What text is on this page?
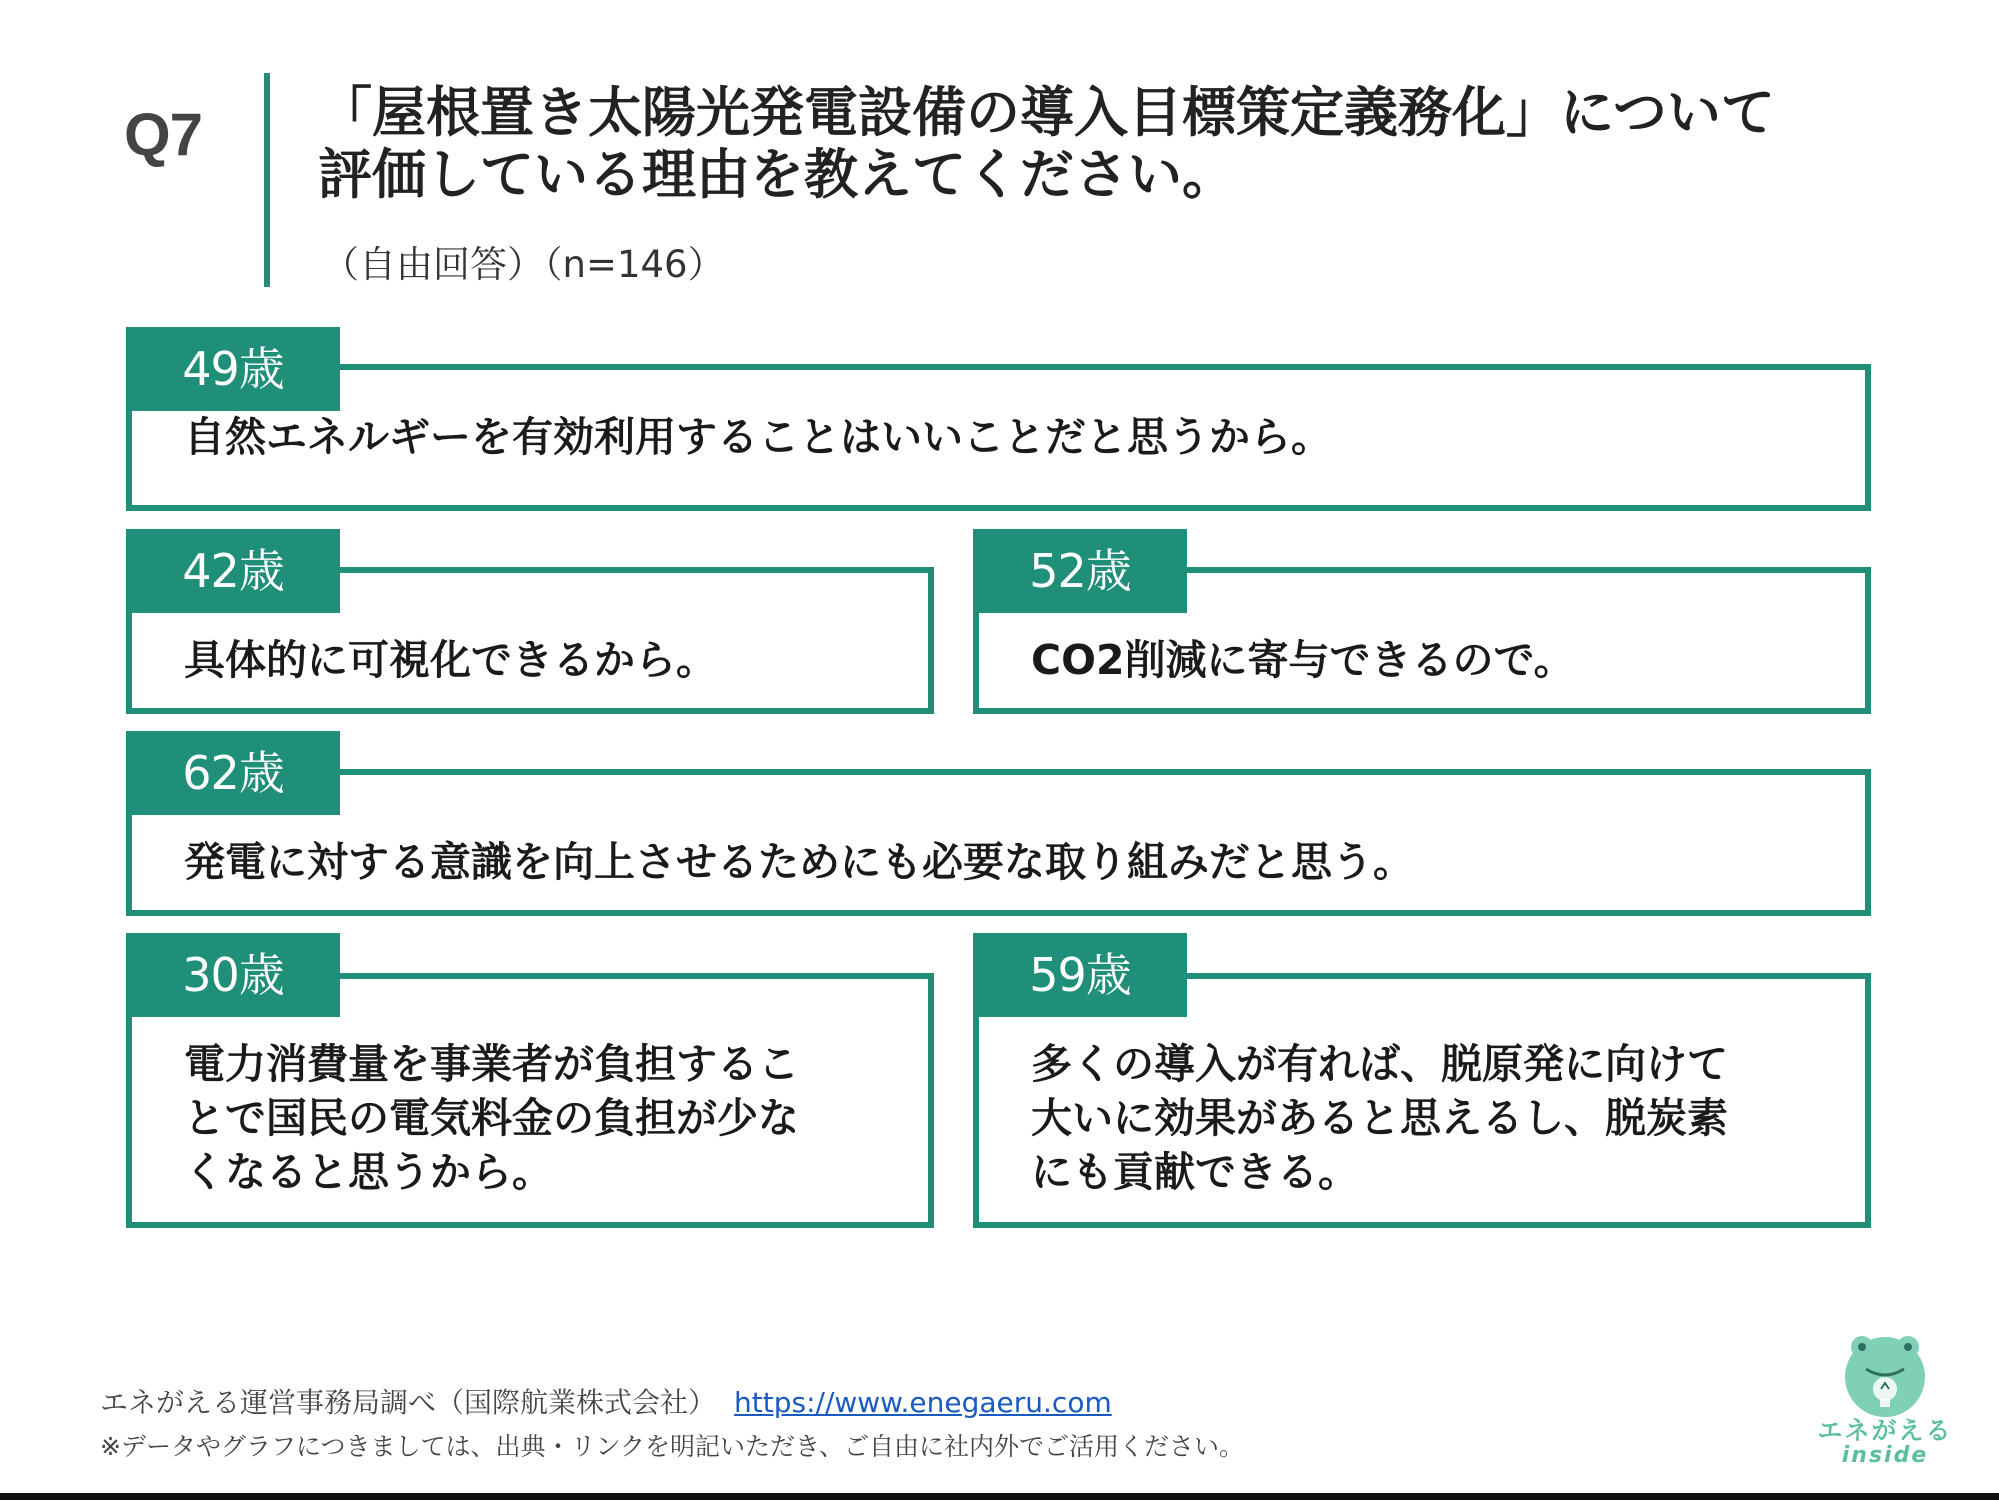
Q7 「屋根置き太陽光発電設備の導入目標策定義務化」について
評価している理由を教えてください。
（自由回答）（n=146）
自然エネルギーを有効利用することはいいことだと思うから。
49歳
具体的に可視化できるから。
42歳
CO2削減に寄与できるので。
52歳
発電に対する意識を向上させるためにも必要な取り組みだと思う。
62歳
電力消費量を事業者が負担するこ
とで国民の電気料金の負担が少な
くなると思うから。
30歳
多くの導入が有れば、脱原発に向けて
大いに効果があると思えるし、脱炭素
にも貢献できる。
59歳
エネがえる運営事務局調べ（国際航業株式会社） https://www.enegaeru.com
※データやグラフにつきましては、出典・リンクを明記いただき、ご自由に社内外でご活用ください。
エネがえる
inside
